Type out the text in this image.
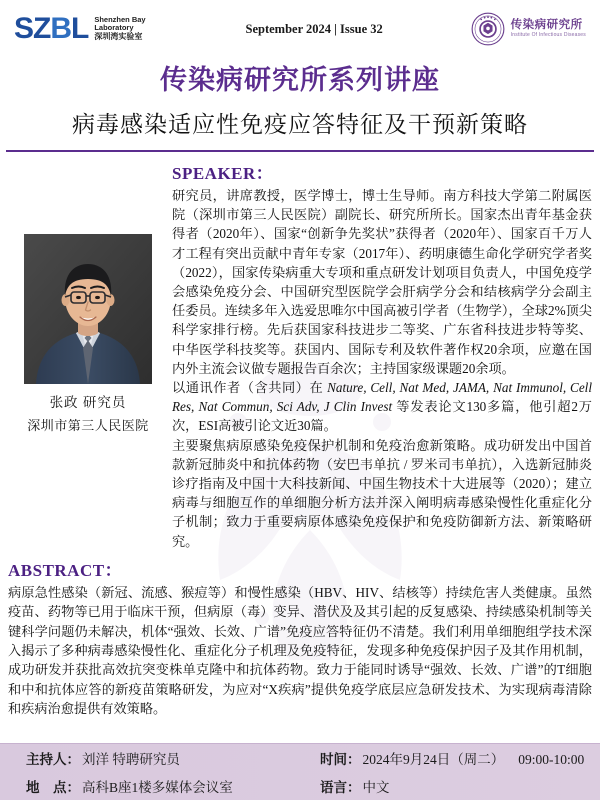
SZBL Shenzhen Bay
Laboratory
深圳湾实验室
September 2024 | Issue 32	传染病研究所
Institute Of Infectious Diseases
传染病研究所系列讲座
病毒感染适应性免疫应答特征及干预新策略
SPEAKER：
张政 研究员
深圳市第三人民医院

研究员，讲席教授，医学博士，博士生导师。南方科技大学第二附属医院（深圳市第三人民医院）副院长、研究所所长。国家杰出青年基金获得者（2020年）、国家“创新争先奖状”获得者（2020年）、国家百千万人才工程有突出贡献中青年专家（2017年）、药明康德生命化学研究学者奖（2022），国家传染病重大专项和重点研发计划项目负责人，中国免疫学会感染免疫分会、中国研究型医院学会肝病学分会和结核病学分会副主任委员。连续多年入选爱思唯尔中国高被引学者（生物学），全球2%顶尖科学家排行榜。先后获国家科技进步二等奖、广东省科技进步特等奖、中华医学科技奖等。获国内、国际专利及软件著作权20余项，应邀在国内外主流会议做专题报告百余次；主持国家级课题20余项。

以通讯作者（含共同）在 Nature, Cell, Nat Med, JAMA, Nat Immunol, Cell Res, Nat Commun, Sci Adv, J Clin Invest 等发表论文130多篇，他引超2万次，ESI高被引论文近30篇。

主要聚焦病原感染免疫保护机制和免疫治愈新策略。成功研发出中国首款新冠肺炎中和抗体药物（安巴韦单抗 / 罗米司韦单抗），入选新冠肺炎诊疗指南及中国十大科技新闻、中国生物技术十大进展等（2020）；建立病毒与细胞互作的单细胞分析方法并深入阐明病毒感染慢性化重症化分子机制；致力于重要病原体感染免疫保护和免疫防御新方法、新策略研究。

ABSTRACT：
病原急性感染（新冠、流感、猴痘等）和慢性感染（HBV、HIV、结核等）持续危害人类健康。虽然疫苗、药物等已用于临床干预，但病原（毒）变异、潜伏及及其引起的反复感染、持续感染机制等关键科学问题仍未解决，机体“强效、长效、广谱”免疫应答特征仍不清楚。我们利用单细胞组学技术深入揭示了多种病毒感染慢性化、重症化分子机理及免疫特征，发现多种免疫保护因子及其作用机制，成功研发并获批高效抗突变株单克隆中和抗体药物。致力于能同时诱导“强效、长效、广谱”的T细胞和中和抗体应答的新疫苗策略研发，为应对“X疾病”提供免疫学底层应急研发技术、为实现病毒清除和疾病治愈提供有效策略。
主持人： 刘洋 特聘研究员	时间： 2024年9月24日（周二） 09:00-10:00
地　点： 高科B座1楼多媒体会议室	语言： 中文
